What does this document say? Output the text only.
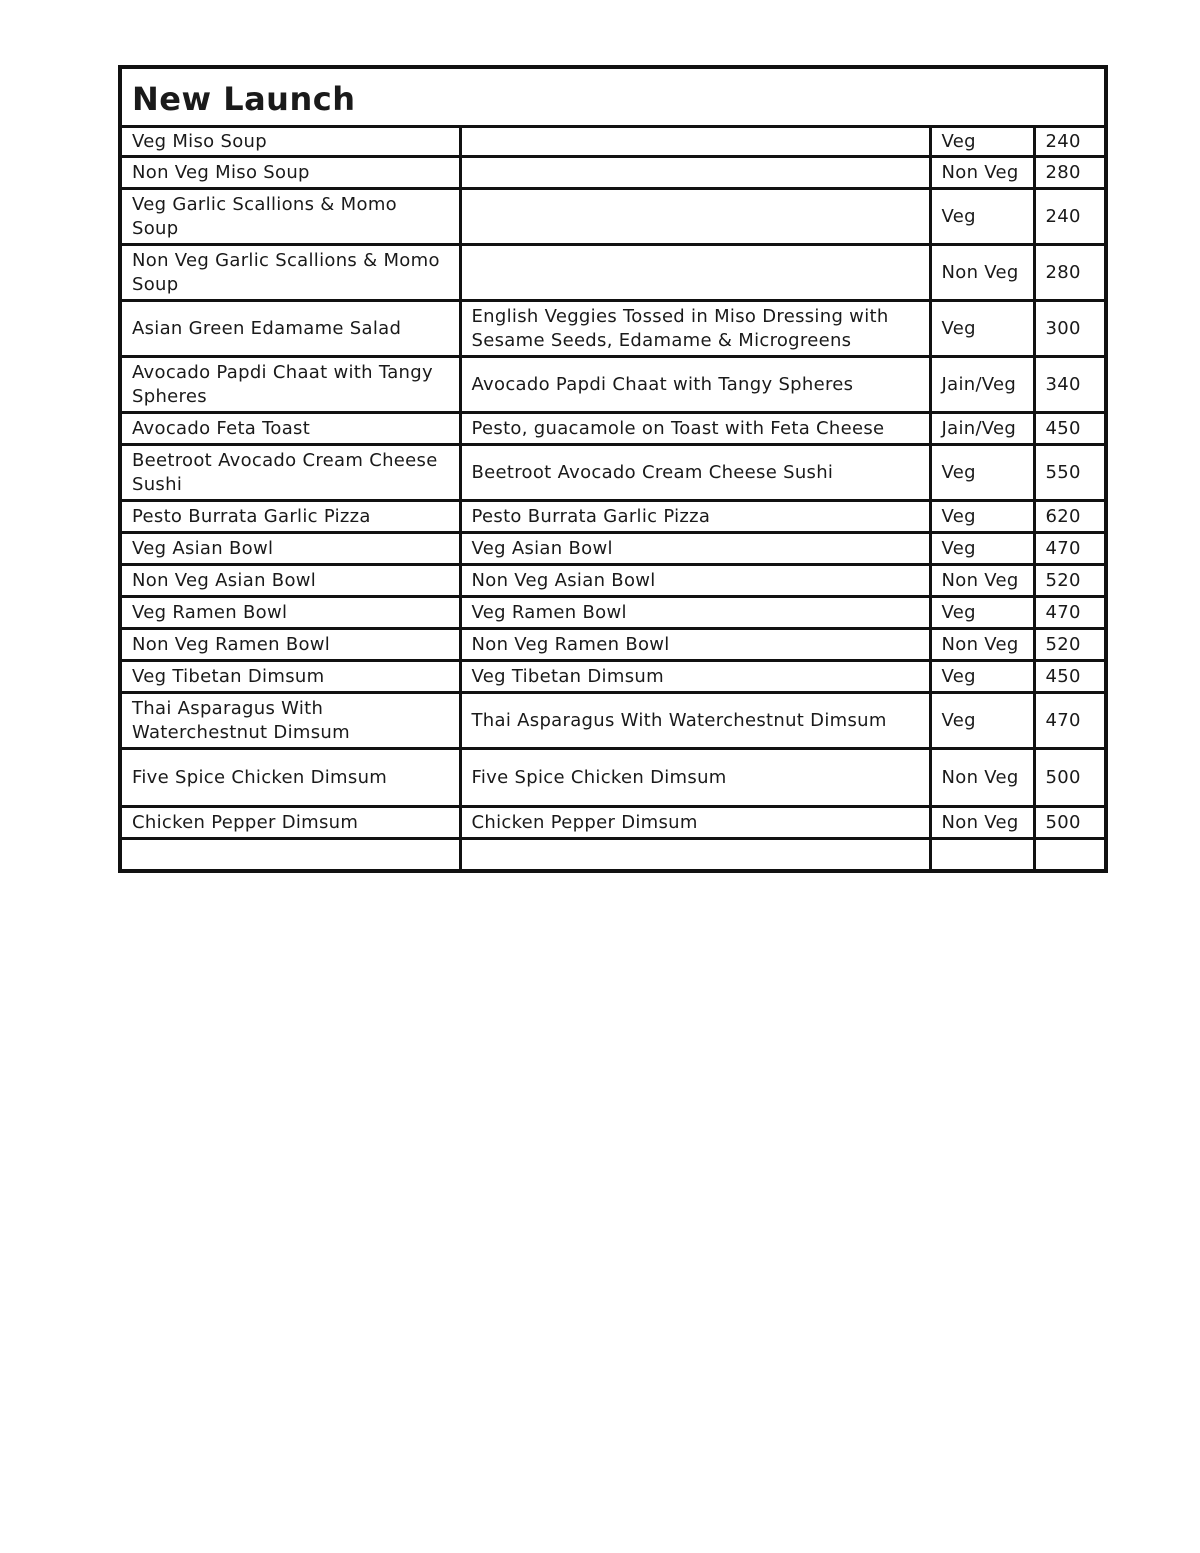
New Launch			
Veg Miso Soup		Veg	240
Non Veg Miso Soup		Non Veg	280
Veg Garlic Scallions & Momo Soup		Veg	240
Non Veg Garlic Scallions & Momo Soup		Non Veg	280
Asian Green Edamame Salad	English Veggies Tossed in Miso Dressing with Sesame Seeds, Edamame & Microgreens	Veg	300
Avocado Papdi Chaat with Tangy Spheres	Avocado Papdi Chaat with Tangy Spheres	Jain/Veg	340
Avocado Feta Toast	Pesto, guacamole on Toast with Feta Cheese	Jain/Veg	450
Beetroot Avocado Cream Cheese Sushi	Beetroot Avocado Cream Cheese Sushi	Veg	550
Pesto Burrata Garlic Pizza	Pesto Burrata Garlic Pizza	Veg	620
Veg Asian Bowl	Veg Asian Bowl	Veg	470
Non Veg Asian Bowl	Non Veg Asian Bowl	Non Veg	520
Veg Ramen Bowl	Veg Ramen Bowl	Veg	470
Non Veg Ramen Bowl	Non Veg Ramen Bowl	Non Veg	520
Veg Tibetan Dimsum	Veg Tibetan Dimsum	Veg	450
Thai Asparagus With Waterchestnut Dimsum	Thai Asparagus With Waterchestnut Dimsum	Veg	470
Five Spice Chicken Dimsum	Five Spice Chicken Dimsum	Non Veg	500
Chicken Pepper Dimsum	Chicken Pepper Dimsum	Non Veg	500
